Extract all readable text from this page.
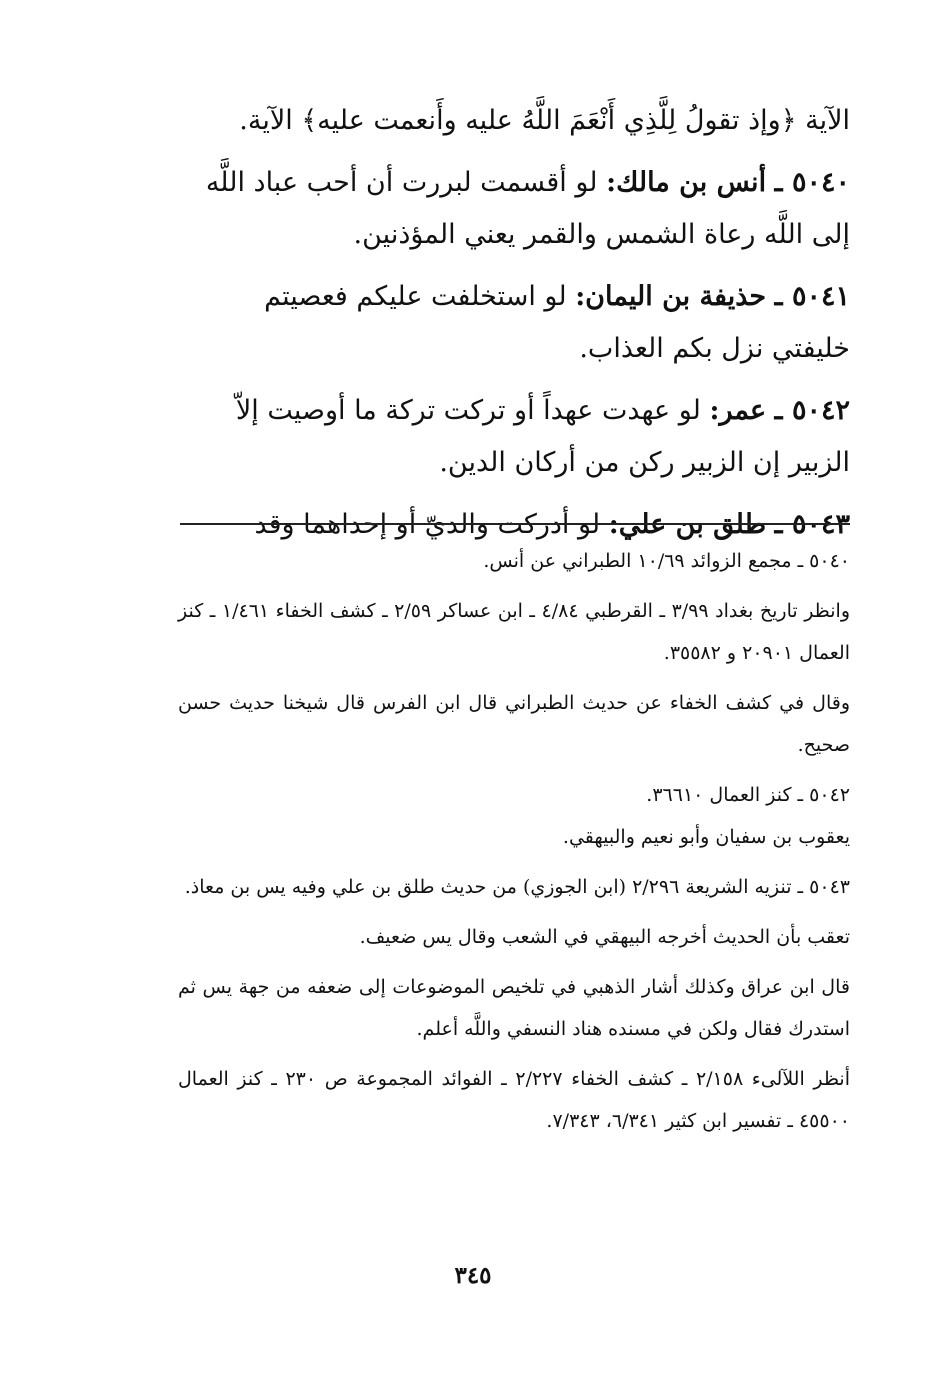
الآية ﴿وإذ تقولُ لِلَّذِي أَنْعَمَ اللَّهُ عليه وأَنعمت عليه﴾ الآية.
٥٠٤٠ ـ أنس بن مالك: لو أقسمت لبررت أن أحب عباد اللَّه
إلى اللَّه رعاة الشمس والقمر يعني المؤذنين.
٥٠٤١ ـ حذيفة بن اليمان: لو استخلفت عليكم فعصيتم
خليفتي نزل بكم العذاب.
٥٠٤٢ ـ عمر: لو عهدت عهداً أو تركت تركة ما أوصيت إلاّ
الزبير إن الزبير ركن من أركان الدين.
٥٠٤٣ ـ طلق بن علي: لو أدركت والديّ أو إحداهما وقد
٥٠٤٠ ـ مجمع الزوائد ١٠/٦٩ الطبراني عن أنس.
وانظر تاريخ بغداد ٣/٩٩ ـ القرطبي ٤/٨٤ ـ ابن عساكر ٢/٥٩ ـ كشف الخفاء ١/٤٦١ ـ كنز العمال ٢٠٩٠١ و ٣٥٥٨٢.
وقال في كشف الخفاء عن حديث الطبراني قال ابن الفرس قال شيخنا حديث حسن صحيح.
٥٠٤٢ ـ كنز العمال ٣٦٦١٠.
يعقوب بن سفيان وأبو نعيم والبيهقي.
٥٠٤٣ ـ تنزيه الشريعة ٢/٢٩٦ (ابن الجوزي) من حديث طلق بن علي وفيه يس بن معاذ.
تعقب بأن الحديث أخرجه البيهقي في الشعب وقال يس ضعيف.
قال ابن عراق وكذلك أشار الذهبي في تلخيص الموضوعات إلى ضعفه من جهة يس ثم استدرك فقال ولكن في مسنده هناد النسفي واللَّه أعلم.
أنظر اللآلىء ٢/١٥٨ ـ كشف الخفاء ٢/٢٢٧ ـ الفوائد المجموعة ص ٢٣٠ ـ كنز العمال ٤٥٥٠٠ ـ تفسير ابن كثير ٦/٣٤١، ٧/٣٤٣.
٣٤٥
